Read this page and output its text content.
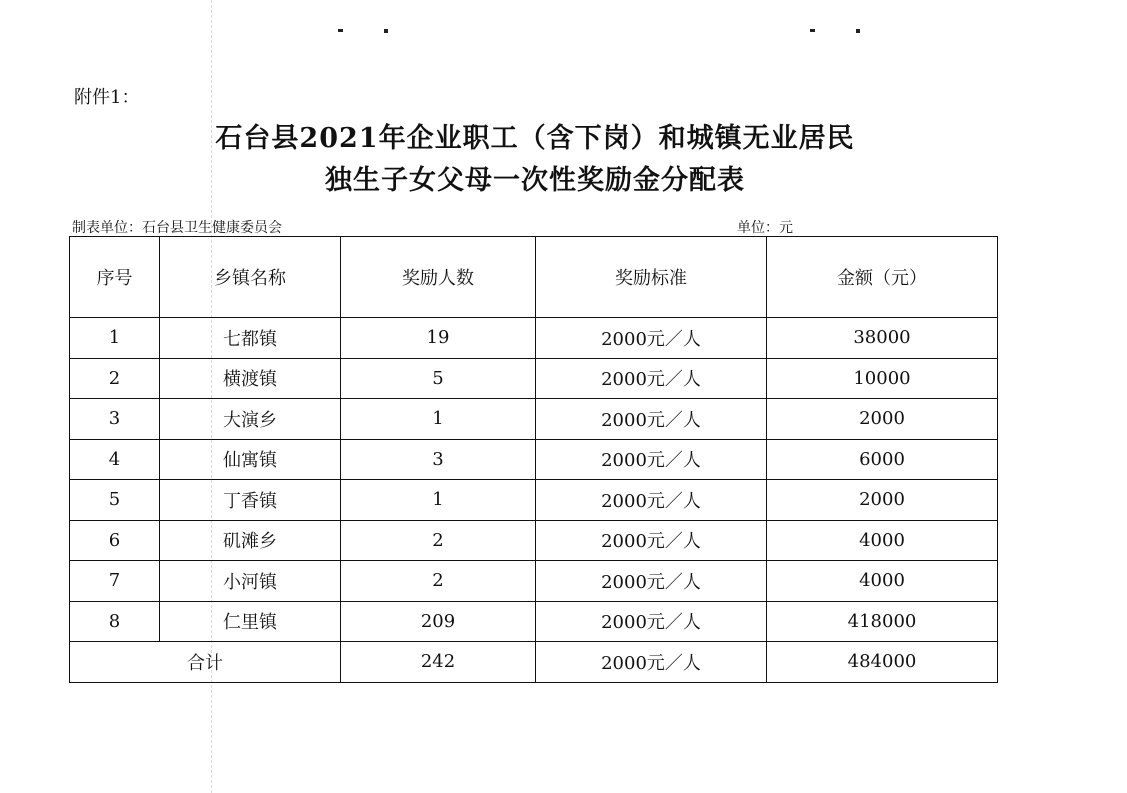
附件1：
石台县2021年企业职工（含下岗）和城镇无业居民
独生子女父母一次性奖励金分配表
制表单位：石台县卫生健康委员会	单位：元
序号	乡镇名称	奖励人数	奖励标准	金额（元）
1	七都镇	19	2000元／人	38000
2	横渡镇	5	2000元／人	10000
3	大演乡	1	2000元／人	2000
4	仙寓镇	3	2000元／人	6000
5	丁香镇	1	2000元／人	2000
6	矶滩乡	2	2000元／人	4000
7	小河镇	2	2000元／人	4000
8	仁里镇	209	2000元／人	418000
合计		242	2000元／人	484000
